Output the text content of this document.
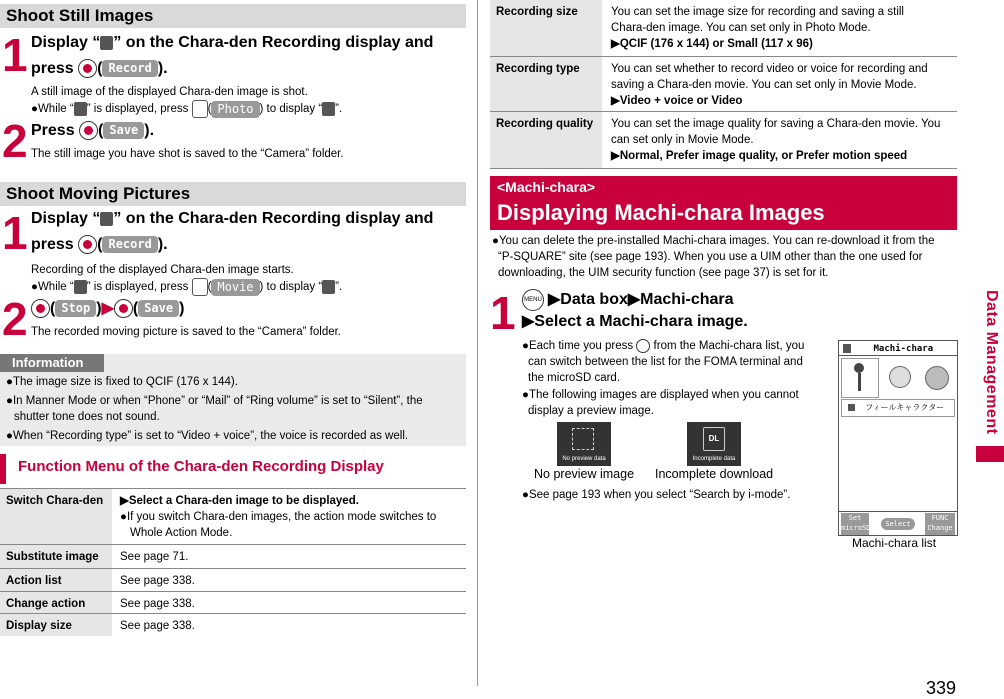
Shoot Still Images
1 Display “ ” on the Chara-den Recording display and
press ( Record ).
A still image of the displayed Chara-den image is shot.
●While “ ” is displayed, press ( Photo ) to display “ ”.
2 Press ( Save ).
The still image you have shot is saved to the “Camera” folder.
Shoot Moving Pictures
1 Display “ ” on the Chara-den Recording display and
press ( Record ).
Recording of the displayed Chara-den image starts.
●While “ ” is displayed, press ( Movie ) to display “ ”.
2	( Stop )▶ ( Save )
The recorded moving picture is saved to the “Camera” folder.
Information
●The image size is fixed to QCIF (176 x 144).
●In Manner Mode or when “Phone” or “Mail” of “Ring volume” is set to “Silent”, the
shutter tone does not sound.
●When “Recording type” is set to “Video + voice”, the voice is recorded as well.
Function Menu of the Chara-den Recording Display
Switch Chara-den	▶Select a Chara-den image to be displayed.
●If you switch Chara-den images, the action mode switches to
Whole Action Mode.
Substitute image	See page 71.
Action list	See page 338.
Change action	See page 338.
Display size	See page 338.
Recording size	You can set the image size for recording and saving a still
Chara-den image. You can set only in Photo Mode.
▶QCIF (176 x 144) or Small (117 x 96)
Recording type	You can set whether to record video or voice for recording and
saving a Chara-den movie. You can set only in Movie Mode.
▶Video + voice or Video
Recording quality	You can set the image quality for saving a Chara-den movie. You
can set only in Movie Mode.
▶Normal, Prefer image quality, or Prefer motion speed
<Machi-chara>
Displaying Machi-chara Images
●You can delete the pre-installed Machi-chara images. You can re-download it from the
“P-SQUARE” site (see page 193). When you use a UIM other than the one used for
downloading, the UIM security function (see page 37) is set for it.
1	MENU ▶Data box▶Machi-chara
▶Select a Machi-chara image.
●Each time you press from the Machi-chara list, you
can switch between the list for the FOMA terminal and
the microSD card.
●The following images are displayed when you cannot
display a preview image.
No preview data
DL
Incomplete data
No preview image Incomplete download
●See page 193 when you select “Search by i-mode”.
Machi-chara
フィールキャラクター
Set
microSD	Select
FUNC
Change
Machi-chara list
Data Management
339
